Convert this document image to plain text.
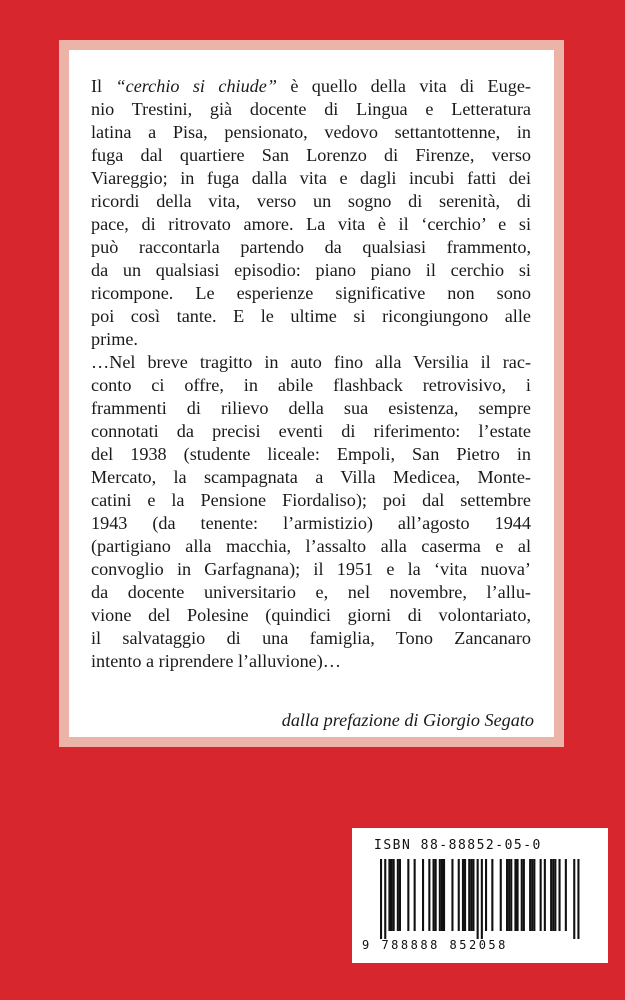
Il “cerchio si chiude” è quello della vita di Euge-

nio Trestini, già docente di Lingua e Letteratura

latina a Pisa, pensionato, vedovo settantottenne, in

fuga dal quartiere San Lorenzo di Firenze, verso

Viareggio; in fuga dalla vita e dagli incubi fatti dei

ricordi della vita, verso un sogno di serenità, di

pace, di ritrovato amore. La vita è il ‘cerchio’ e si

può raccontarla partendo da qualsiasi frammento,

da un qualsiasi episodio: piano piano il cerchio si

ricompone. Le esperienze significative non sono

poi così tante. E le ultime si ricongiungono alle

prime.

…Nel breve tragitto in auto fino alla Versilia il rac-

conto ci offre, in abile flashback retrovisivo, i

frammenti di rilievo della sua esistenza, sempre

connotati da precisi eventi di riferimento: l’estate

del 1938 (studente liceale: Empoli, San Pietro in

Mercato, la scampagnata a Villa Medicea, Monte-

catini e la Pensione Fiordaliso); poi dal settembre

1943 (da tenente: l’armistizio) all’agosto 1944

(partigiano alla macchia, l’assalto alla caserma e al

convoglio in Garfagnana); il 1951 e la ‘vita nuova’

da docente universitario e, nel novembre, l’allu-

vione del Polesine (quindici giorni di volontariato,

il salvataggio di una famiglia, Tono Zancanaro

intento a riprendere l’alluvione)…

dalla prefazione di Giorgio Segato
ISBN 88-88852-05-0
9 788888 852058
